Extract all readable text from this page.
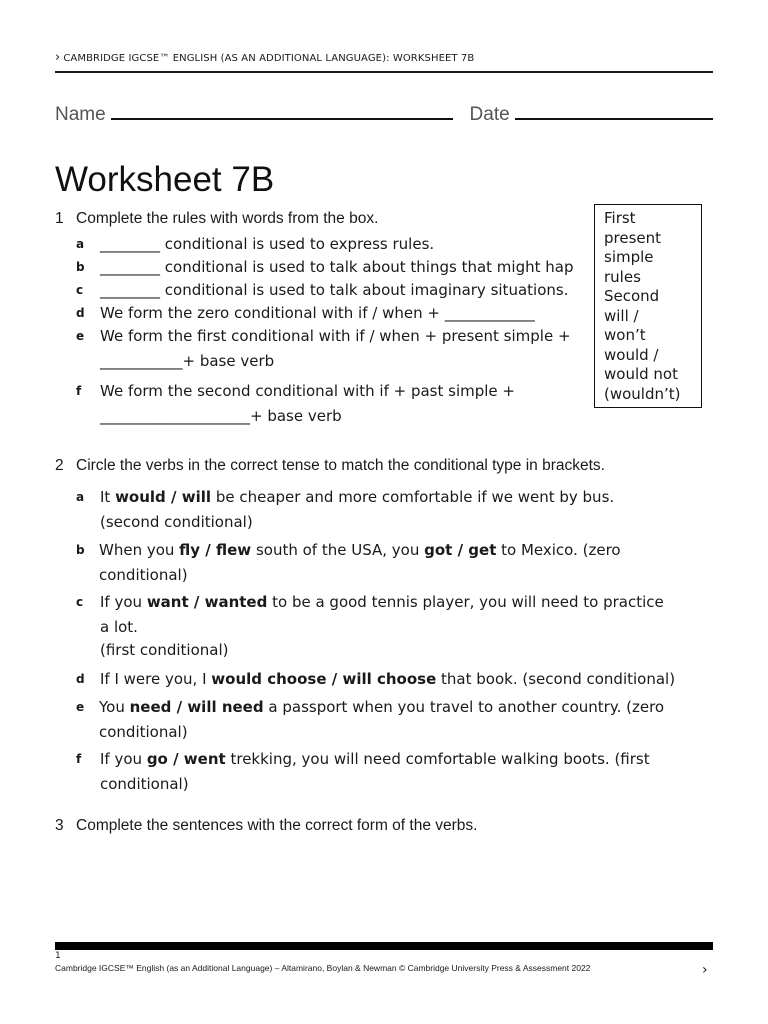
› CAMBRIDGE IGCSE™ ENGLISH (AS AN ADDITIONAL LANGUAGE): WORKSHEET 7B
Name	Date
Worksheet 7B
1 Complete the rules with words from the box.
a ________ conditional is used to express rules.
b ________ conditional is used to talk about things that might hap
c ________ conditional is used to talk about imaginary situations.
d We form the zero conditional with if / when + ____________
e We form the first conditional with if / when + present simple +
___________+ base verb
f We form the second conditional with if + past simple +
____________________+ base verb
First
present
simple
rules
Second
will /
won’t
would /
would not
(wouldn’t)
2 Circle the verbs in the correct tense to match the conditional type in brackets.
a It would / will be cheaper and more comfortable if we went by bus.
(second conditional)
b When you fly / flew south of the USA, you got / get to Mexico. (zero
conditional)
c If you want / wanted to be a good tennis player, you will need to practice
a lot.
(first conditional)
d If I were you, I would choose / will choose that book. (second conditional)
e You need / will need a passport when you travel to another country. (zero
conditional)
f If you go / went trekking, you will need comfortable walking boots. (first
conditional)
3 Complete the sentences with the correct form of the verbs.
1
Cambridge IGCSE™ English (as an Additional Language) – Altamirano, Boylan & Newman © Cambridge University Press & Assessment 2022	›
